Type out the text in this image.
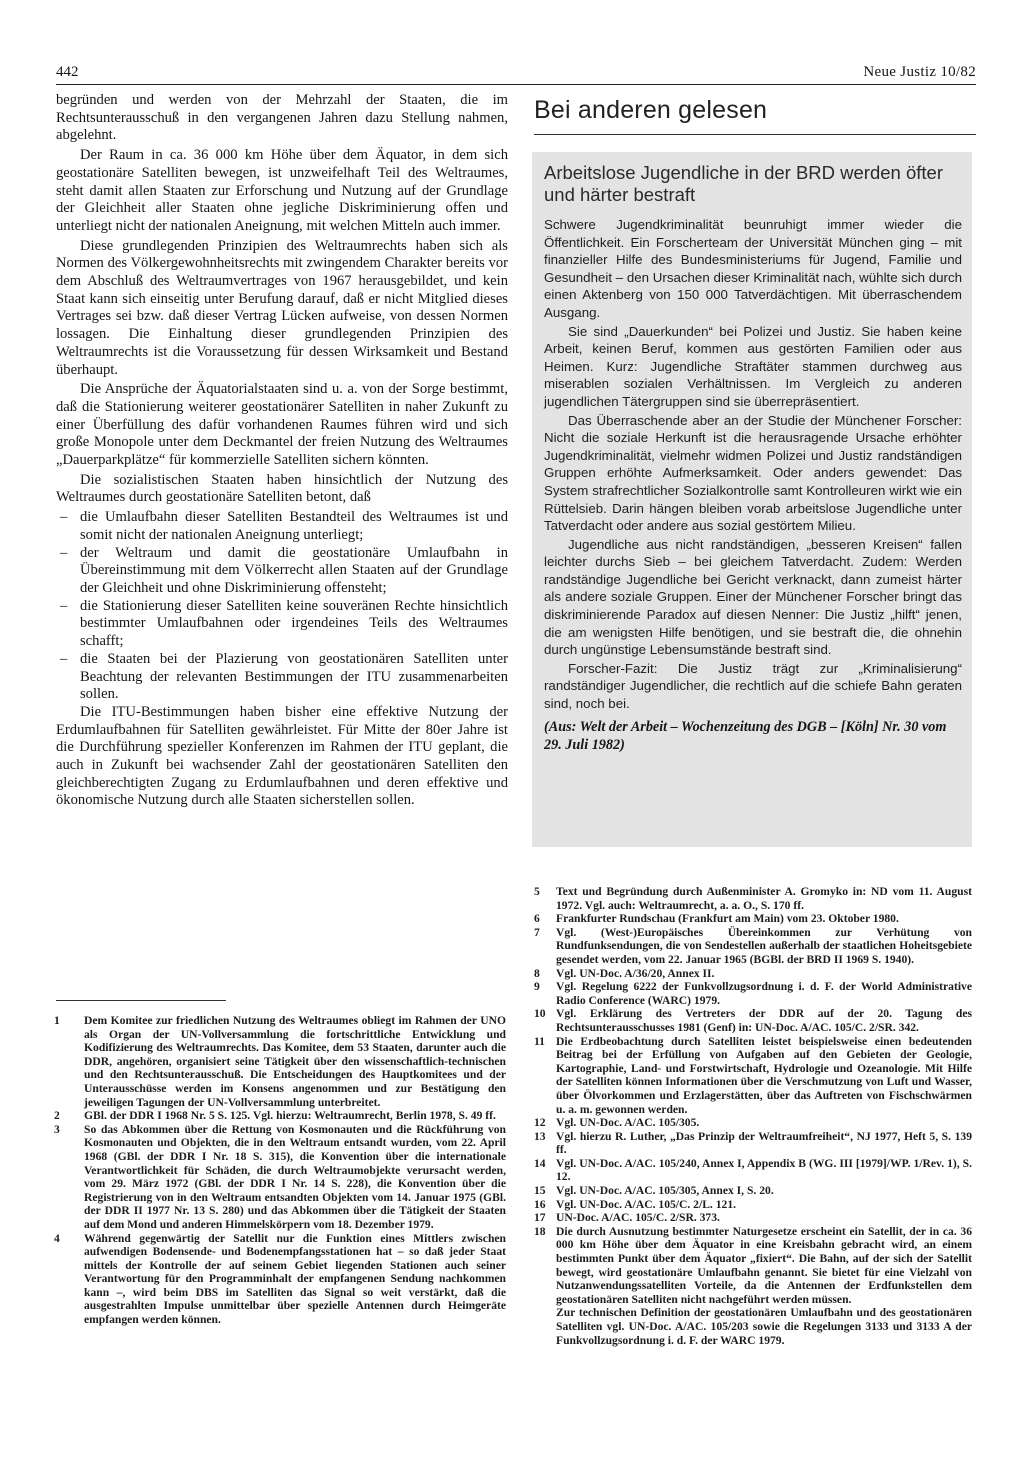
442	Neue Justiz 10/82

begründen und werden von der Mehrzahl der Staaten, die im Rechtsunterausschuß in den vergangenen Jahren dazu Stellung nahmen, abgelehnt.

Der Raum in ca. 36 000 km Höhe über dem Äquator, in dem sich geostationäre Satelliten bewegen, ist unzweifelhaft Teil des Weltraumes, steht damit allen Staaten zur Erforschung und Nutzung auf der Grundlage der Gleichheit aller Staaten ohne jegliche Diskriminierung offen und unterliegt nicht der nationalen Aneignung, mit welchen Mitteln auch immer.

Diese grundlegenden Prinzipien des Weltraumrechts haben sich als Normen des Völkergewohnheitsrechts mit zwingendem Charakter bereits vor dem Abschluß des Weltraumvertrages von 1967 herausgebildet, und kein Staat kann sich einseitig unter Berufung darauf, daß er nicht Mitglied dieses Vertrages sei bzw. daß dieser Vertrag Lücken aufweise, von dessen Normen lossagen. Die Einhaltung dieser grundlegenden Prinzipien des Weltraumrechts ist die Voraussetzung für dessen Wirksamkeit und Bestand überhaupt.

Die Ansprüche der Äquatorialstaaten sind u. a. von der Sorge bestimmt, daß die Stationierung weiterer geostationärer Satelliten in naher Zukunft zu einer Überfüllung des dafür vorhandenen Raumes führen wird und sich große Monopole unter dem Deckmantel der freien Nutzung des Weltraumes „Dauerparkplätze“ für kommerzielle Satelliten sichern könnten.

Die sozialistischen Staaten haben hinsichtlich der Nutzung des Weltraumes durch geostationäre Satelliten betont, daß

– die Umlaufbahn dieser Satelliten Bestandteil des Weltraumes ist und somit nicht der nationalen Aneignung unterliegt;
– der Weltraum und damit die geostationäre Umlaufbahn in Übereinstimmung mit dem Völkerrecht allen Staaten auf der Grundlage der Gleichheit und ohne Diskriminierung offensteht;
– die Stationierung dieser Satelliten keine souveränen Rechte hinsichtlich bestimmter Umlaufbahnen oder irgendeines Teils des Weltraumes schafft;
– die Staaten bei der Plazierung von geostationären Satelliten unter Beachtung der relevanten Bestimmungen der ITU zusammenarbeiten sollen.

Die ITU-Bestimmungen haben bisher eine effektive Nutzung der Erdumlaufbahnen für Satelliten gewährleistet. Für Mitte der 80er Jahre ist die Durchführung spezieller Konferenzen im Rahmen der ITU geplant, die auch in Zukunft bei wachsender Zahl der geostationären Satelliten den gleichberechtigten Zugang zu Erdumlaufbahnen und deren effektive und ökonomische Nutzung durch alle Staaten sicherstellen sollen.

Bei anderen gelesen
Arbeitslose Jugendliche in der BRD werden öfter und härter bestraft

Schwere Jugendkriminalität beunruhigt immer wieder die Öffentlichkeit. Ein Forscherteam der Universität München ging – mit finanzieller Hilfe des Bundesministeriums für Jugend, Familie und Gesundheit – den Ursachen dieser Kriminalität nach, wühlte sich durch einen Aktenberg von 150 000 Tatverdächtigen. Mit überraschendem Ausgang.

Sie sind „Dauerkunden“ bei Polizei und Justiz. Sie haben keine Arbeit, keinen Beruf, kommen aus gestörten Familien oder aus Heimen. Kurz: Jugendliche Straftäter stammen durchweg aus miserablen sozialen Verhältnissen. Im Vergleich zu anderen jugendlichen Tätergruppen sind sie überrepräsentiert.

Das Überraschende aber an der Studie der Münchener Forscher: Nicht die soziale Herkunft ist die herausragende Ursache erhöhter Jugendkriminalität, vielmehr widmen Polizei und Justiz randständigen Gruppen erhöhte Aufmerksamkeit. Oder anders gewendet: Das System strafrechtlicher Sozialkontrolle samt Kontrolleuren wirkt wie ein Rüttelsieb. Darin hängen bleiben vorab arbeitslose Jugendliche unter Tatverdacht oder andere aus sozial gestörtem Milieu.

Jugendliche aus nicht randständigen, „besseren Kreisen“ fallen leichter durchs Sieb – bei gleichem Tatverdacht. Zudem: Werden randständige Jugendliche bei Gericht verknackt, dann zumeist härter als andere soziale Gruppen. Einer der Münchener Forscher bringt das diskriminierende Paradox auf diesen Nenner: Die Justiz „hilft“ jenen, die am wenigsten Hilfe benötigen, und sie bestraft die, die ohnehin durch ungünstige Lebensumstände bestraft sind.

Forscher-Fazit: Die Justiz trägt zur „Kriminalisierung“ randständiger Jugendlicher, die rechtlich auf die schiefe Bahn geraten sind, noch bei.

(Aus: Welt der Arbeit – Wochenzeitung des DGB – [Köln] Nr. 30 vom 29. Juli 1982)
1	Dem Komitee zur friedlichen Nutzung des Weltraumes obliegt im Rahmen der UNO als Organ der UN-Vollversammlung die fortschrittliche Entwicklung und Kodifizierung des Weltraumrechts. Das Komitee, dem 53 Staaten, darunter auch die DDR, angehören, organisiert seine Tätigkeit über den wissenschaftlich-technischen und den Rechtsunterausschuß. Die Entscheidungen des Hauptkomitees und der Unterausschüsse werden im Konsens angenommen und zur Bestätigung den jeweiligen Tagungen der UN-Vollversammlung unterbreitet.
2	GBl. der DDR I 1968 Nr. 5 S. 125. Vgl. hierzu: Weltraumrecht, Berlin 1978, S. 49 ff.
3	So das Abkommen über die Rettung von Kosmonauten und die Rückführung von Kosmonauten und Objekten, die in den Weltraum entsandt wurden, vom 22. April 1968 (GBl. der DDR I Nr. 18 S. 315), die Konvention über die internationale Verantwortlichkeit für Schäden, die durch Weltraumobjekte verursacht werden, vom 29. März 1972 (GBl. der DDR I Nr. 14 S. 228), die Konvention über die Registrierung von in den Weltraum entsandten Objekten vom 14. Januar 1975 (GBl. der DDR II 1977 Nr. 13 S. 280) und das Abkommen über die Tätigkeit der Staaten auf dem Mond und anderen Himmelskörpern vom 18. Dezember 1979.
4	Während gegenwärtig der Satellit nur die Funktion eines Mittlers zwischen aufwendigen Bodensende- und Bodenempfangsstationen hat – so daß jeder Staat mittels der Kontrolle der auf seinem Gebiet liegenden Stationen auch seiner Verantwortung für den Programminhalt der empfangenen Sendung nachkommen kann –, wird beim DBS im Satelliten das Signal so weit verstärkt, daß die ausgestrahlten Impulse unmittelbar über spezielle Antennen durch Heimgeräte empfangen werden können.
5	Text und Begründung durch Außenminister A. Gromyko in: ND vom 11. August 1972. Vgl. auch: Weltraumrecht, a. a. O., S. 170 ff.
6	Frankfurter Rundschau (Frankfurt am Main) vom 23. Oktober 1980.
7	Vgl. (West-)Europäisches Übereinkommen zur Verhütung von Rundfunksendungen, die von Sendestellen außerhalb der staatlichen Hoheitsgebiete gesendet werden, vom 22. Januar 1965 (BGBl. der BRD II 1969 S. 1940).
8	Vgl. UN-Doc. A/36/20, Annex II.
9	Vgl. Regelung 6222 der Funkvollzugsordnung i. d. F. der World Administrative Radio Conference (WARC) 1979.
10 Vgl. Erklärung des Vertreters der DDR auf der 20. Tagung des Rechtsunterausschusses 1981 (Genf) in: UN-Doc. A/AC. 105/C. 2/SR. 342.
11 Die Erdbeobachtung durch Satelliten leistet beispielsweise einen bedeutenden Beitrag bei der Erfüllung von Aufgaben auf den Gebieten der Geologie, Kartographie, Land- und Forstwirtschaft, Hydrologie und Ozeanologie. Mit Hilfe der Satelliten können Informationen über die Verschmutzung von Luft und Wasser, über Ölvorkommen und Erzlagerstätten, über das Auftreten von Fischschwärmen u. a. m. gewonnen werden.
12 Vgl. UN-Doc. A/AC. 105/305.
13 Vgl. hierzu R. Luther, „Das Prinzip der Weltraumfreiheit“, NJ 1977, Heft 5, S. 139 ff.
14 Vgl. UN-Doc. A/AC. 105/240, Annex I, Appendix B (WG. III [1979]/WP. 1/Rev. 1), S. 12.
15 Vgl. UN-Doc. A/AC. 105/305, Annex I, S. 20.
16 Vgl. UN-Doc. A/AC. 105/C. 2/L. 121.
17 UN-Doc. A/AC. 105/C. 2/SR. 373.
18 Die durch Ausnutzung bestimmter Naturgesetze erscheint ein Satellit, der in ca. 36 000 km Höhe über dem Äquator in eine Kreisbahn gebracht wird, an einem bestimmten Punkt über dem Äquator „fixiert“. Die Bahn, auf der sich der Satellit bewegt, wird geostationäre Umlaufbahn genannt. Sie bietet für eine Vielzahl von Nutzanwendungssatelliten Vorteile, da die Antennen der Erdfunkstellen dem geostationären Satelliten nicht nachgeführt werden müssen.
Zur technischen Definition der geostationären Umlaufbahn und des geostationären Satelliten vgl. UN-Doc. A/AC. 105/203 sowie die Regelungen 3133 und 3133 A der Funkvollzugsordnung i. d. F. der WARC 1979.
